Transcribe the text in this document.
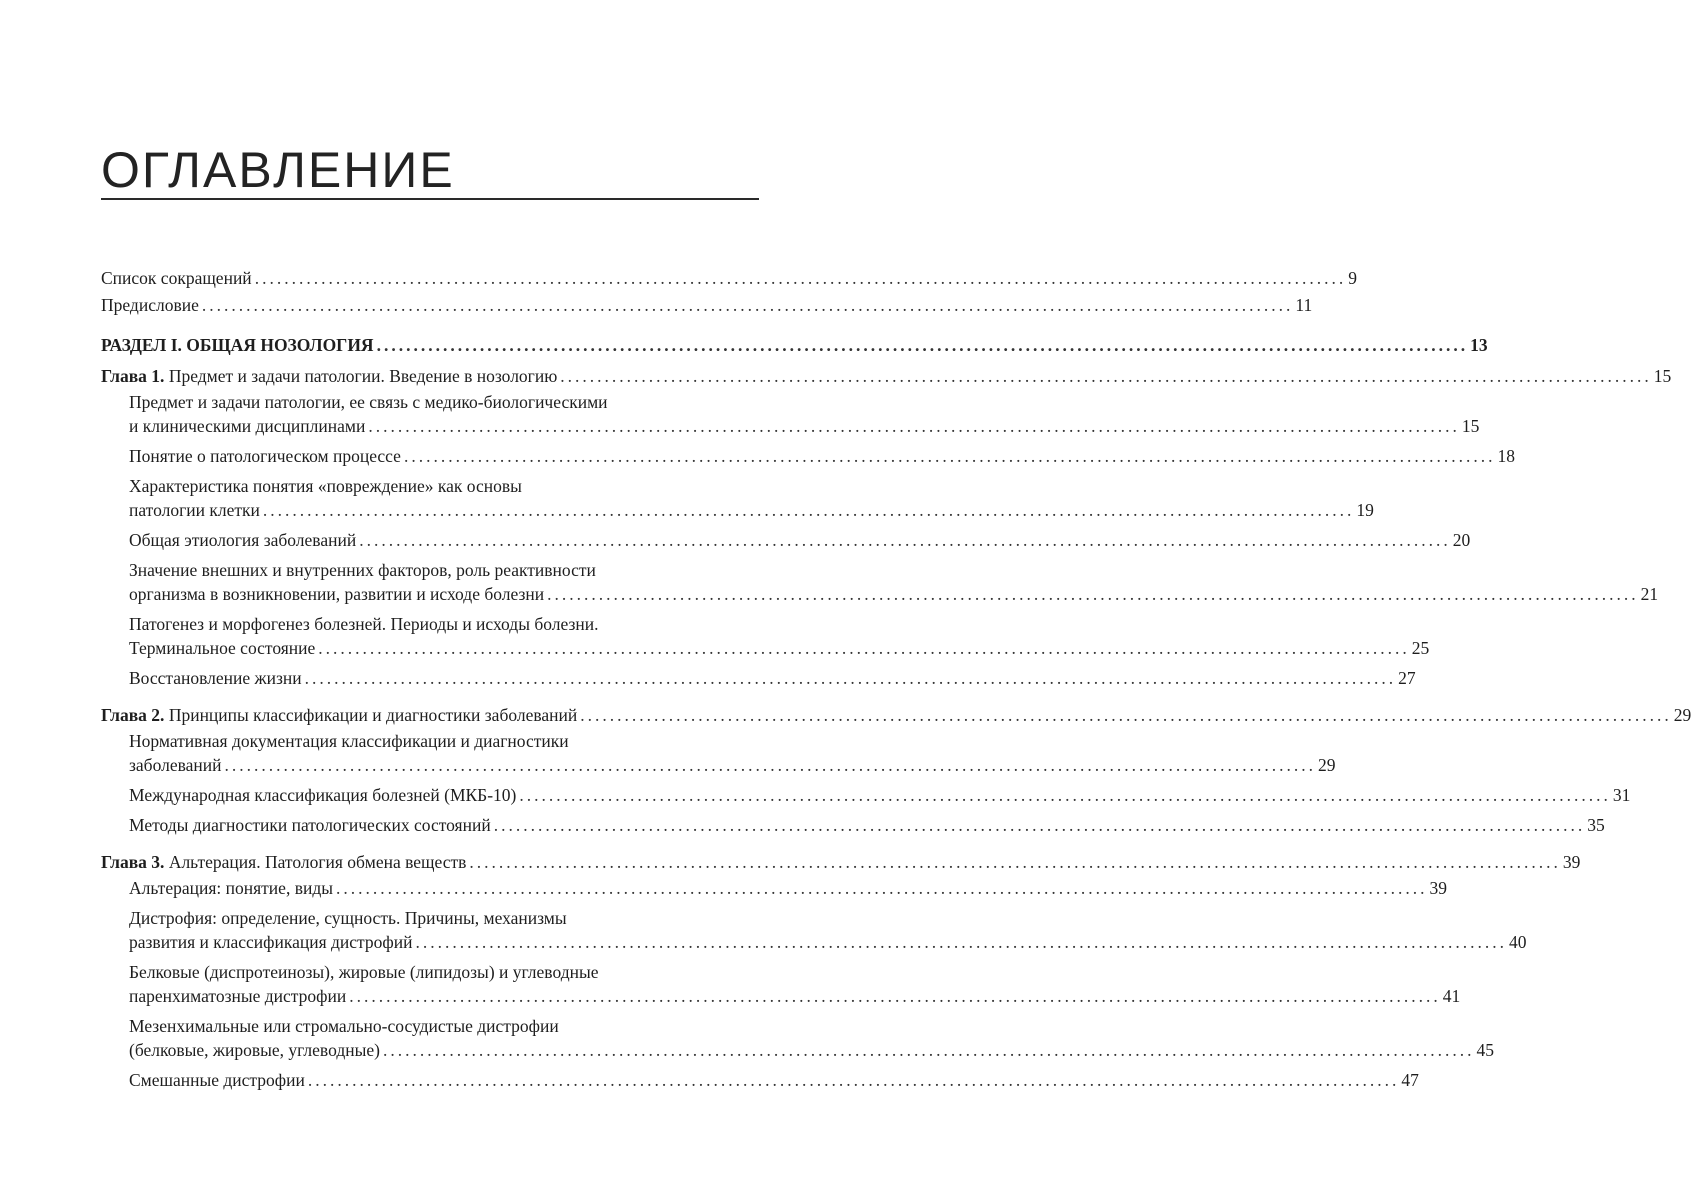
ОГЛАВЛЕНИЕ
Список сокращений .................................................................................................................................................... 9
Предисловие .................................................................................................................................................... 11
РАЗДЕЛ I. ОБЩАЯ НОЗОЛОГИЯ .................................................................................................................................................... 13
Глава 1. Предмет и задачи патологии. Введение в нозологию .................................................................................................................................................... 15
Предмет и задачи патологии, ее связь с медико-биологическими
и клиническими дисциплинами .................................................................................................................................................... 15
Понятие о патологическом процессе .................................................................................................................................................... 18
Характеристика понятия «повреждение» как основы
патологии клетки .................................................................................................................................................... 19
Общая этиология заболеваний .................................................................................................................................................... 20
Значение внешних и внутренних факторов, роль реактивности
организма в возникновении, развитии и исходе болезни .................................................................................................................................................... 21
Патогенез и морфогенез болезней. Периоды и исходы болезни.
Терминальное состояние .................................................................................................................................................... 25
Восстановление жизни .................................................................................................................................................... 27
Глава 2. Принципы классификации и диагностики заболеваний .................................................................................................................................................... 29
Нормативная документация классификации и диагностики
заболеваний .................................................................................................................................................... 29
Международная классификация болезней (МКБ-10) .................................................................................................................................................... 31
Методы диагностики патологических состояний .................................................................................................................................................... 35
Глава 3. Альтерация. Патология обмена веществ .................................................................................................................................................... 39
Альтерация: понятие, виды .................................................................................................................................................... 39
Дистрофия: определение, сущность. Причины, механизмы
развития и классификация дистрофий .................................................................................................................................................... 40
Белковые (диспротеинозы), жировые (липидозы) и углеводные
паренхиматозные дистрофии .................................................................................................................................................... 41
Мезенхимальные или стромально-сосудистые дистрофии
(белковые, жировые, углеводные) .................................................................................................................................................... 45
Смешанные дистрофии .................................................................................................................................................... 47
